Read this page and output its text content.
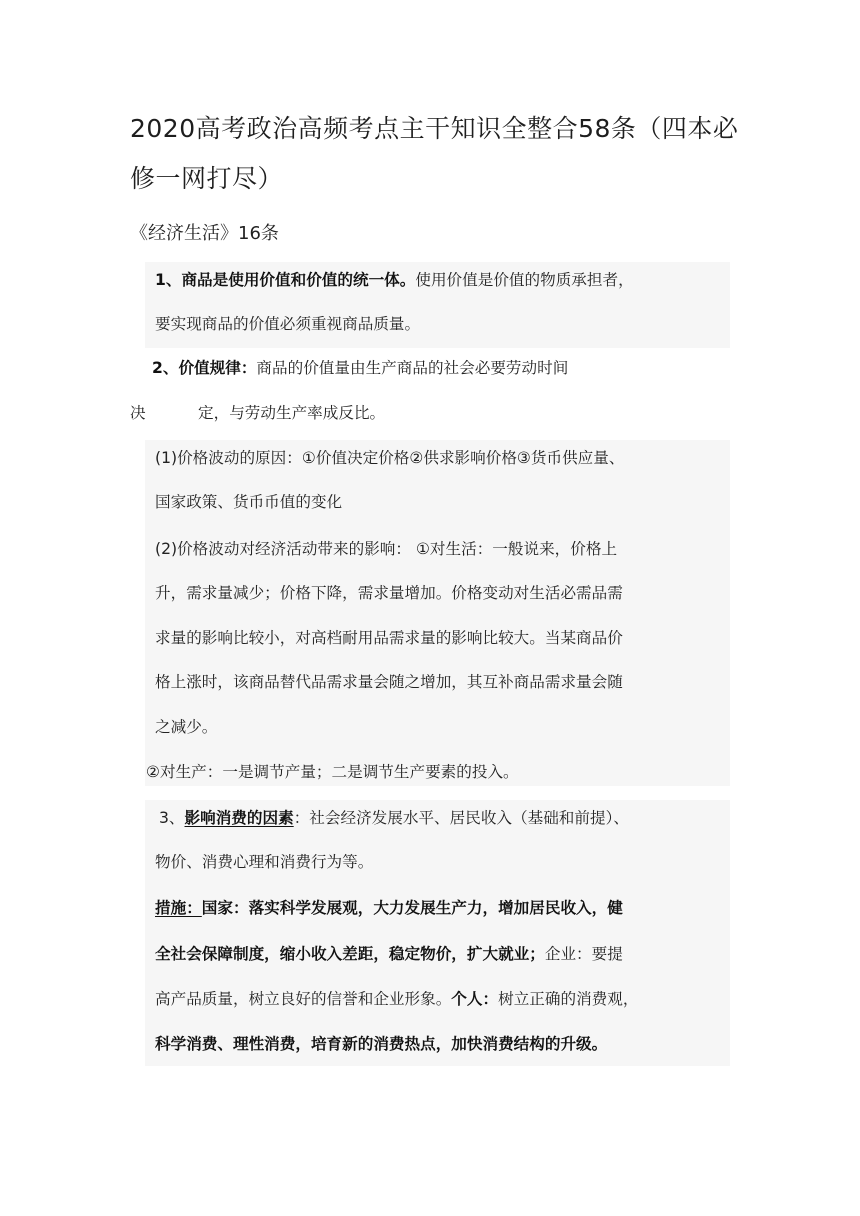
2020高考政治高频考点主干知识全整合58条（四本必修一网打尽）
《经济生活》16条
1、商品是使用价值和价值的统一体。使用价值是价值的物质承担者，
要实现商品的价值必须重视商品质量。
2、价值规律：商品的价值量由生产商品的社会必要劳动时间
决	定，与劳动生产率成反比。
(1)价格波动的原因：①价值决定价格②供求影响价格③货币供应量、
国家政策、货币币值的变化
(2)价格波动对经济活动带来的影响： ①对生活：一般说来，价格上
升，需求量减少；价格下降，需求量增加。价格变动对生活必需品需
求量的影响比较小，对高档耐用品需求量的影响比较大。当某商品价
格上涨时，该商品替代品需求量会随之增加，其互补商品需求量会随
之减少。
②对生产：一是调节产量；二是调节生产要素的投入。
3、影响消费的因素：社会经济发展水平、居民收入（基础和前提）、
物价、消费心理和消费行为等。
措施：国家：落实科学发展观，大力发展生产力，增加居民收入，健
全社会保障制度，缩小收入差距，稳定物价，扩大就业；企业：要提
高产品质量，树立良好的信誉和企业形象。个人：树立正确的消费观，
科学消费、理性消费，培育新的消费热点，加快消费结构的升级。
